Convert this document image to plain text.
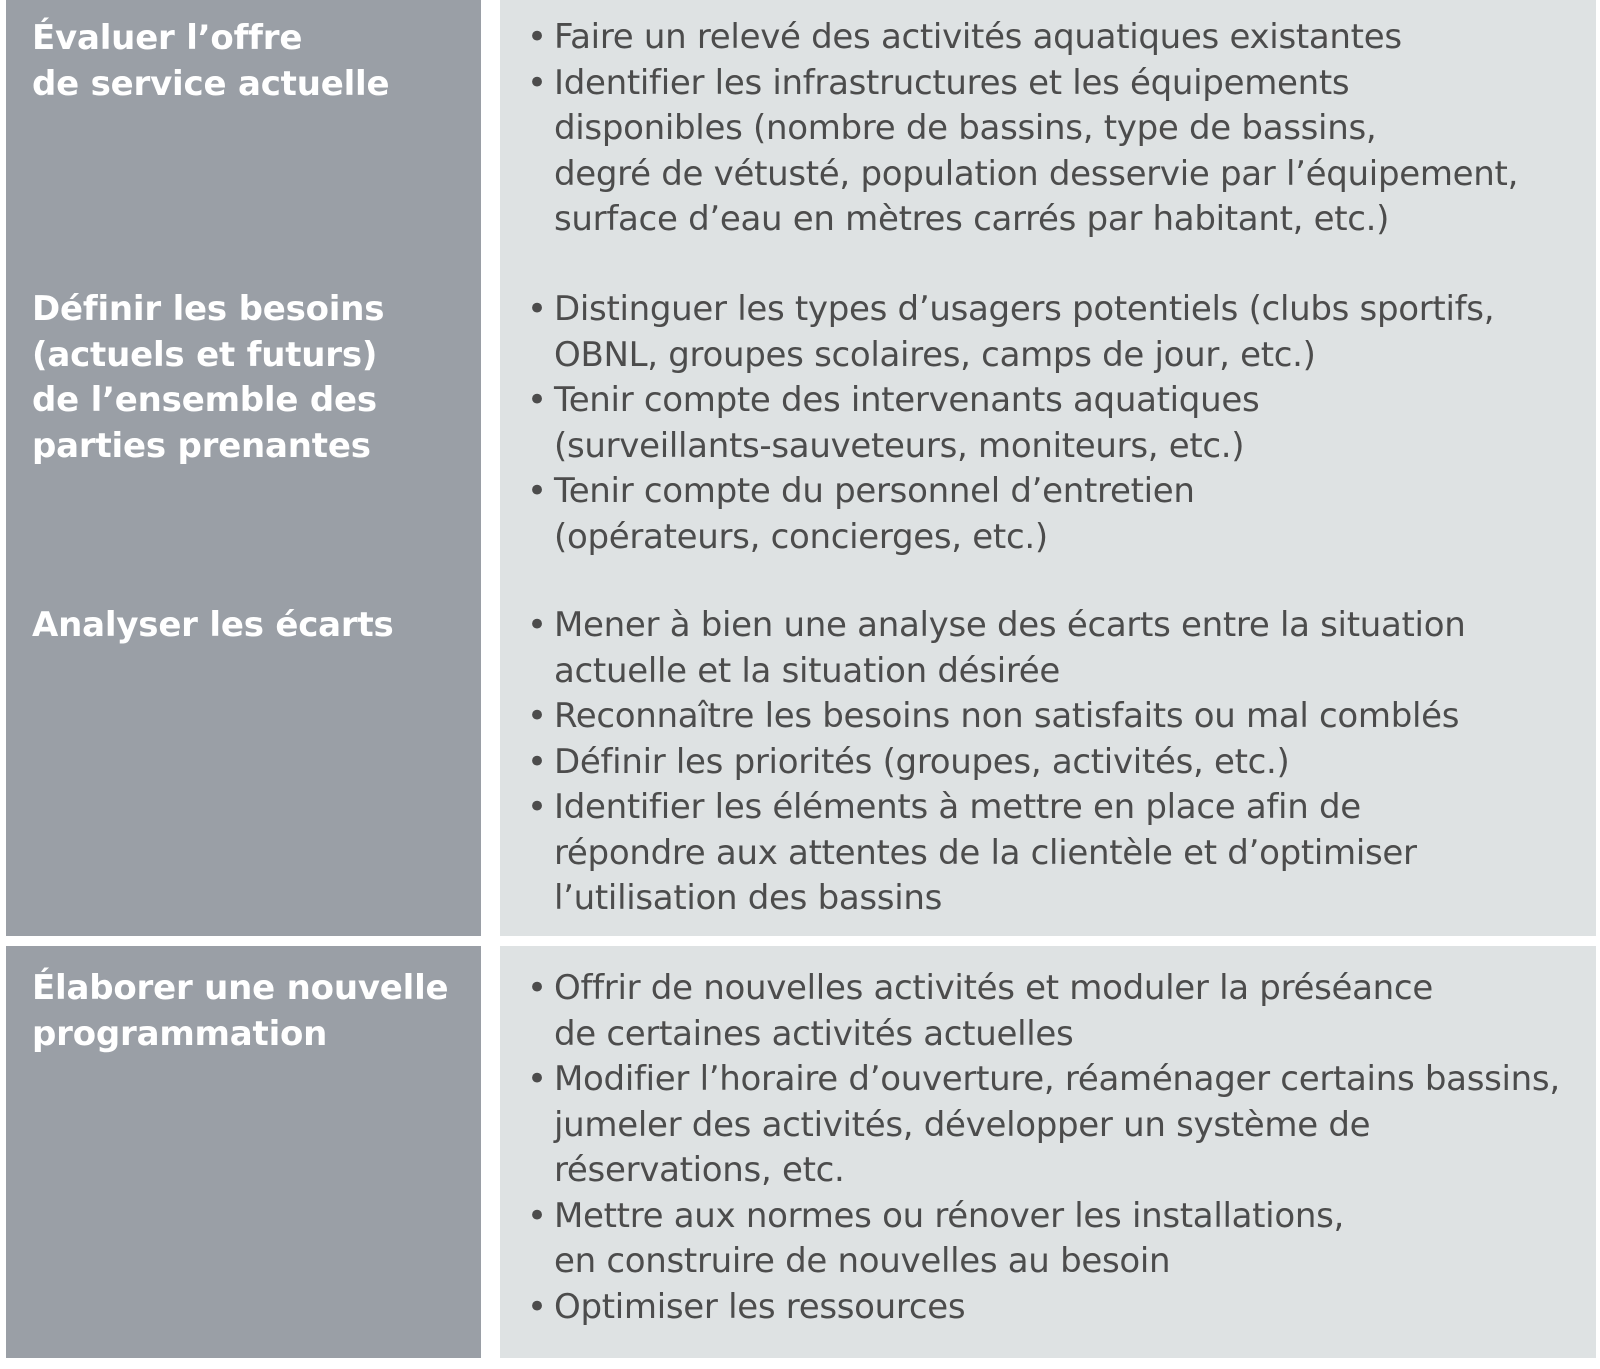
Évaluer l’offre
de service actuelle
• Faire un relevé des activités aquatiques existantes
• Identifier les infrastructures et les équipements
disponibles (nombre de bassins, type de bassins,
degré de vétusté, population desservie par l’équipement,
surface d’eau en mètres carrés par habitant, etc.)
Définir les besoins
(actuels et futurs)
de l’ensemble des
parties prenantes
• Distinguer les types d’usagers potentiels (clubs sportifs,
OBNL, groupes scolaires, camps de jour, etc.)
• Tenir compte des intervenants aquatiques
(surveillants-sauveteurs, moniteurs, etc.)
• Tenir compte du personnel d’entretien
(opérateurs, concierges, etc.)
Analyser les écarts	• Mener à bien une analyse des écarts entre la situation
actuelle et la situation désirée
• Reconnaître les besoins non satisfaits ou mal comblés
• Définir les priorités (groupes, activités, etc.)
• Identifier les éléments à mettre en place afin de
répondre aux attentes de la clientèle et d’optimiser
l’utilisation des bassins
Élaborer une nouvelle
programmation
• Offrir de nouvelles activités et moduler la préséance
de certaines activités actuelles
• Modifier l’horaire d’ouverture, réaménager certains bassins,
jumeler des activités, développer un système de
réservations, etc.
• Mettre aux normes ou rénover les installations,
en construire de nouvelles au besoin
• Optimiser les ressources
